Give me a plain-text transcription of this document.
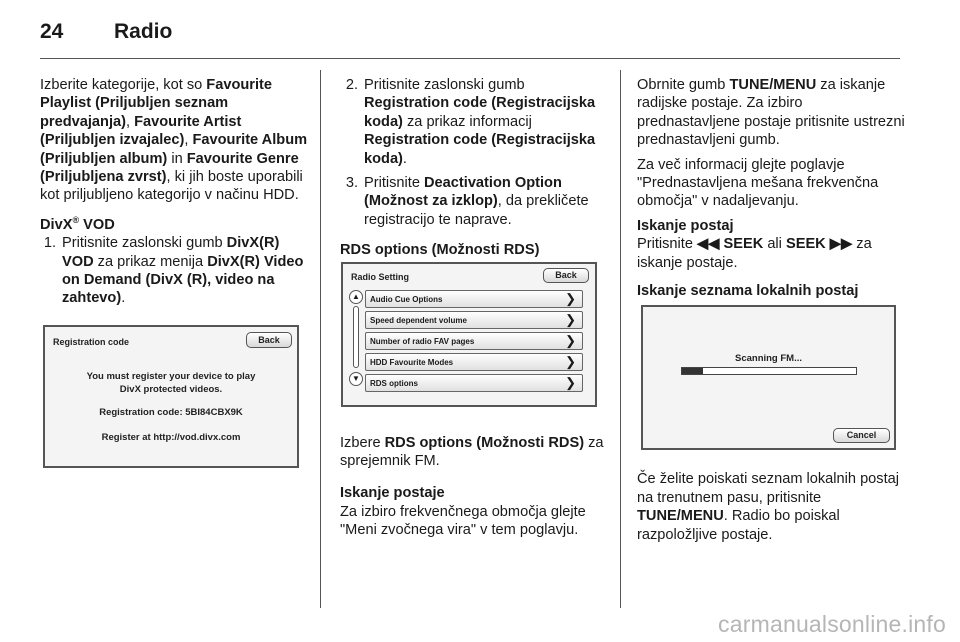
24 Radio

Izberite kategorije, kot so Favourite Playlist (Priljubljen seznam predvajanja), Favourite Artist (Priljubljen izvajalec), Favourite Album (Priljubljen album) in Favourite Genre (Priljubljena zvrst), ki jih boste uporabili kot priljubljeno kategorijo v načinu HDD.

DivX® VOD
1. Pritisnite zaslonski gumb DivX(R) VOD za prikaz menija DivX(R) Video on Demand (DivX (R), video na zahtevo).
Registration code	Back
You must register your device to play
DivX protected videos.
Registration code: 5BI84CBX9K
Register at http://vod.divx.com
2. Pritisnite zaslonski gumb Registration code (Registracijska koda) za prikaz informacij Registration code (Registracijska koda).
3. Pritisnite Deactivation Option (Možnost za izklop), da prekličete registracijo te naprave.
RDS options (Možnosti RDS)

Izbere RDS options (Možnosti RDS) za sprejemnik FM.

Iskanje postaje

Za izbiro frekvenčnega območja glejte "Meni zvočnega vira" v tem poglavju.

Radio Setting	Back
▲
▼
Audio Cue Options	❯
Speed dependent volume	❯
Number of radio FAV pages	❯
HDD Favourite Modes	❯
RDS options	❯

Obrnite gumb TUNE/MENU za iskanje radijske postaje. Za izbiro prednastavljene postaje pritisnite ustrezni prednastavljeni gumb.

Za več informacij glejte poglavje "Prednastavljena mešana frekvenčna območja" v nadaljevanju.

Iskanje postaj

Pritisnite ◀◀ SEEK ali SEEK ▶▶ za iskanje postaje.

Iskanje seznama lokalnih postaj

Če želite poiskati seznam lokalnih postaj na trenutnem pasu, pritisnite TUNE/MENU. Radio bo poiskal razpoložljive postaje.

Scanning FM...
Cancel
carmanualsonline.info
